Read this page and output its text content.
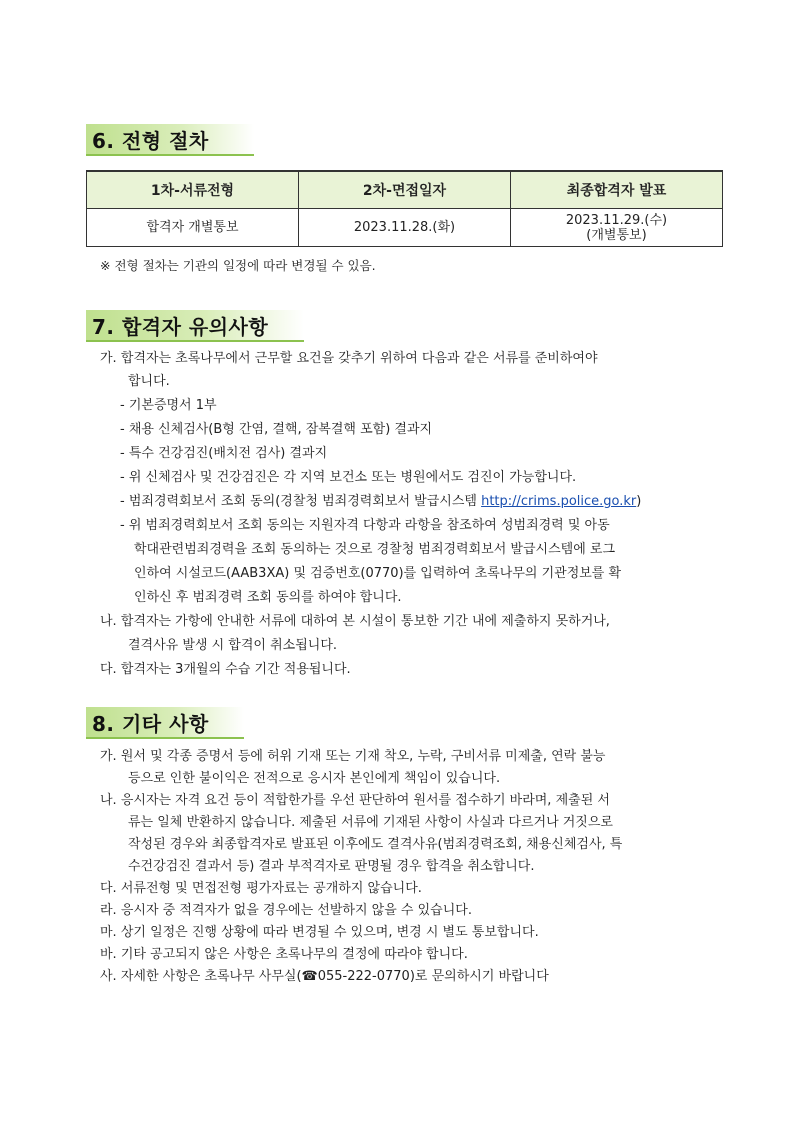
6. 전형 절차
1차-서류전형	2차-면접일자	최종합격자 발표
합격자 개별통보	2023.11.28.(화)	2023.11.29.(수)
(개별통보)
※ 전형 절차는 기관의 일정에 따라 변경될 수 있음.
7. 합격자 유의사항
가. 합격자는 초록나무에서 근무할 요건을 갖추기 위하여 다음과 같은 서류를 준비하여야
합니다.
- 기본증명서 1부
- 채용 신체검사(B형 간염, 결핵, 잠복결핵 포함) 결과지
- 특수 건강검진(배치전 검사) 결과지
- 위 신체검사 및 건강검진은 각 지역 보건소 또는 병원에서도 검진이 가능합니다.
- 범죄경력회보서 조회 동의(경찰청 범죄경력회보서 발급시스템 http://crims.police.go.kr)
- 위 범죄경력회보서 조회 동의는 지원자격 다항과 라항을 참조하여 성범죄경력 및 아동
학대관련범죄경력을 조회 동의하는 것으로 경찰청 범죄경력회보서 발급시스템에 로그
인하여 시설코드(AAB3XA) 및 검증번호(0770)를 입력하여 초록나무의 기관정보를 확
인하신 후 범죄경력 조회 동의를 하여야 합니다.
나. 합격자는 가항에 안내한 서류에 대하여 본 시설이 통보한 기간 내에 제출하지 못하거나,
결격사유 발생 시 합격이 취소됩니다.
다. 합격자는 3개월의 수습 기간 적용됩니다.
8. 기타 사항
가. 원서 및 각종 증명서 등에 허위 기재 또는 기재 착오, 누락, 구비서류 미제출, 연락 불능
등으로 인한 불이익은 전적으로 응시자 본인에게 책임이 있습니다.
나. 응시자는 자격 요건 등이 적합한가를 우선 판단하여 원서를 접수하기 바라며, 제출된 서
류는 일체 반환하지 않습니다. 제출된 서류에 기재된 사항이 사실과 다르거나 거짓으로
작성된 경우와 최종합격자로 발표된 이후에도 결격사유(범죄경력조회, 채용신체검사, 특
수건강검진 결과서 등) 결과 부적격자로 판명될 경우 합격을 취소합니다.
다. 서류전형 및 면접전형 평가자료는 공개하지 않습니다.
라. 응시자 중 적격자가 없을 경우에는 선발하지 않을 수 있습니다.
마. 상기 일정은 진행 상황에 따라 변경될 수 있으며, 변경 시 별도 통보합니다.
바. 기타 공고되지 않은 사항은 초록나무의 결정에 따라야 합니다.
사. 자세한 사항은 초록나무 사무실(☎055-222-0770)로 문의하시기 바랍니다
